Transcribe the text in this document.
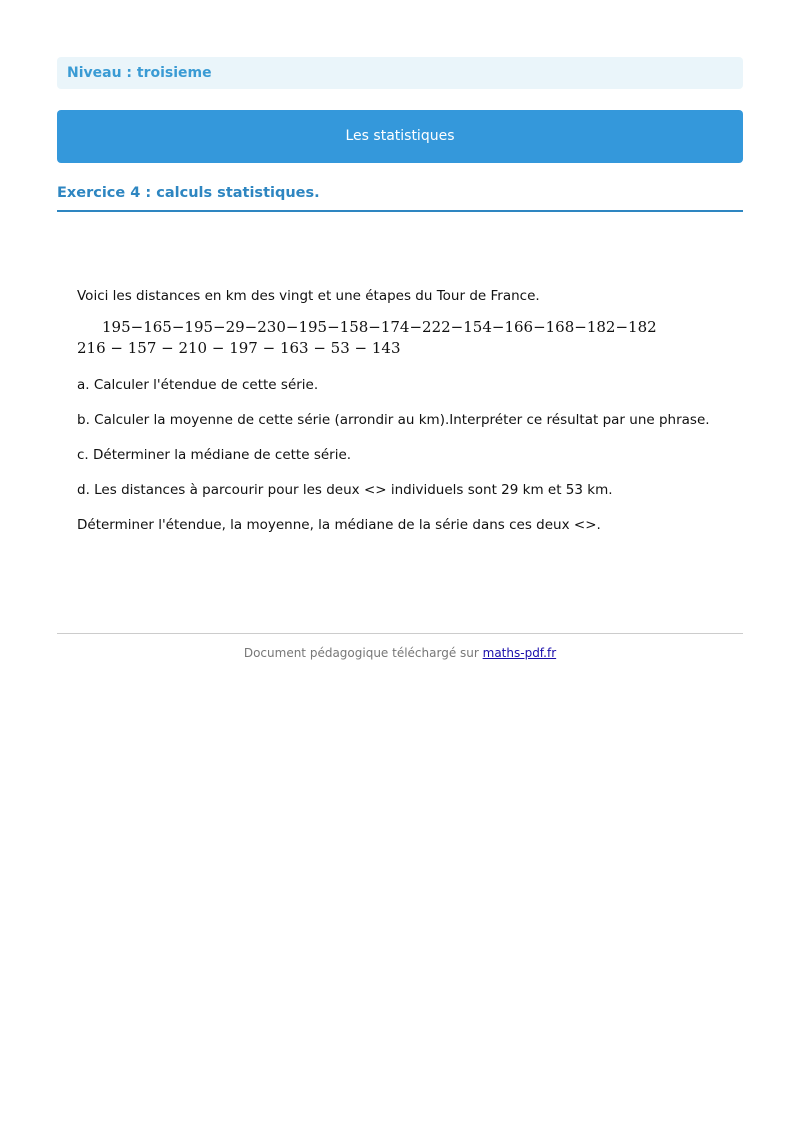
Niveau : troisieme
Les statistiques
Exercice 4 : calculs statistiques.

Voici les distances en km des vingt et une étapes du Tour de France.

195−165−195−29−230−195−158−174−222−154−166−168−182−182
216 − 157 − 210 − 197 − 163 − 53 − 143

a. Calculer l'étendue de cette série.

b. Calculer la moyenne de cette série (arrondir au km).Interpréter ce résultat par une phrase.

c. Déterminer la médiane de cette série.

d. Les distances à parcourir pour les deux <> individuels sont 29 km et 53 km.

Déterminer l'étendue, la moyenne, la médiane de la série dans ces deux <>.

Document pédagogique téléchargé sur maths-pdf.fr
